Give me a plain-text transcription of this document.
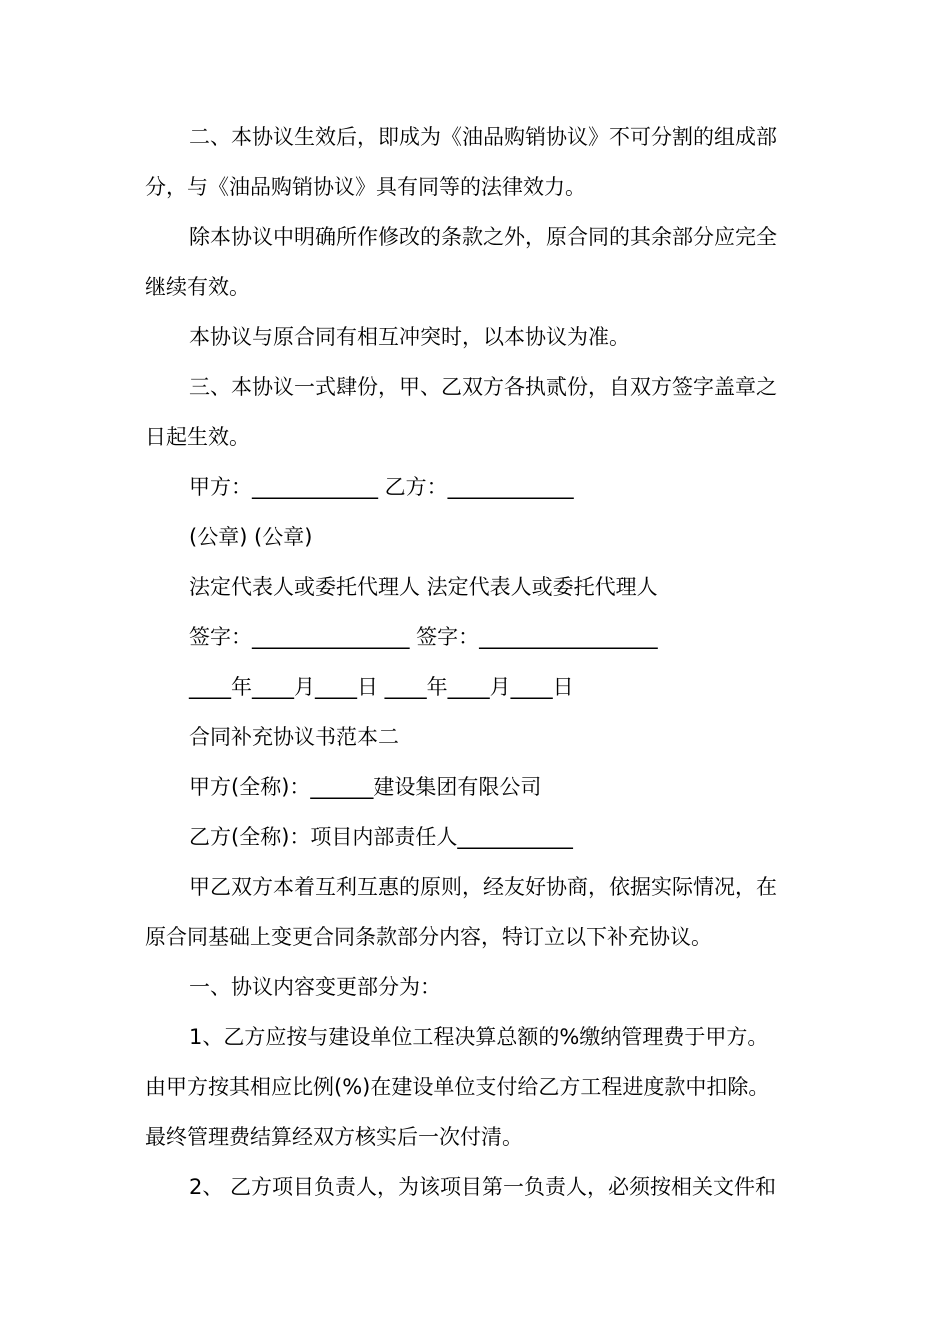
二、本协议生效后，即成为《油品购销协议》不可分割的组成部

分，与《油品购销协议》具有同等的法律效力。

除本协议中明确所作修改的条款之外，原合同的其余部分应完全

继续有效。

本协议与原合同有相互冲突时，以本协议为准。

三、本协议一式肆份，甲、乙双方各执贰份，自双方签字盖章之

日起生效。

甲方：____________ 乙方：____________

(公章) (公章)

法定代表人或委托代理人 法定代表人或委托代理人

签字：_______________ 签字：_________________

____年____月____日 ____年____月____日

合同补充协议书范本二

甲方(全称)：______建设集团有限公司

乙方(全称)：项目内部责任人___________

甲乙双方本着互利互惠的原则，经友好协商，依据实际情况，在

原合同基础上变更合同条款部分内容，特订立以下补充协议。

一、协议内容变更部分为：

1、乙方应按与建设单位工程决算总额的%缴纳管理费于甲方。

由甲方按其相应比例(%)在建设单位支付给乙方工程进度款中扣除。

最终管理费结算经双方核实后一次付清。

2、 乙方项目负责人，为该项目第一负责人，必须按相关文件和
